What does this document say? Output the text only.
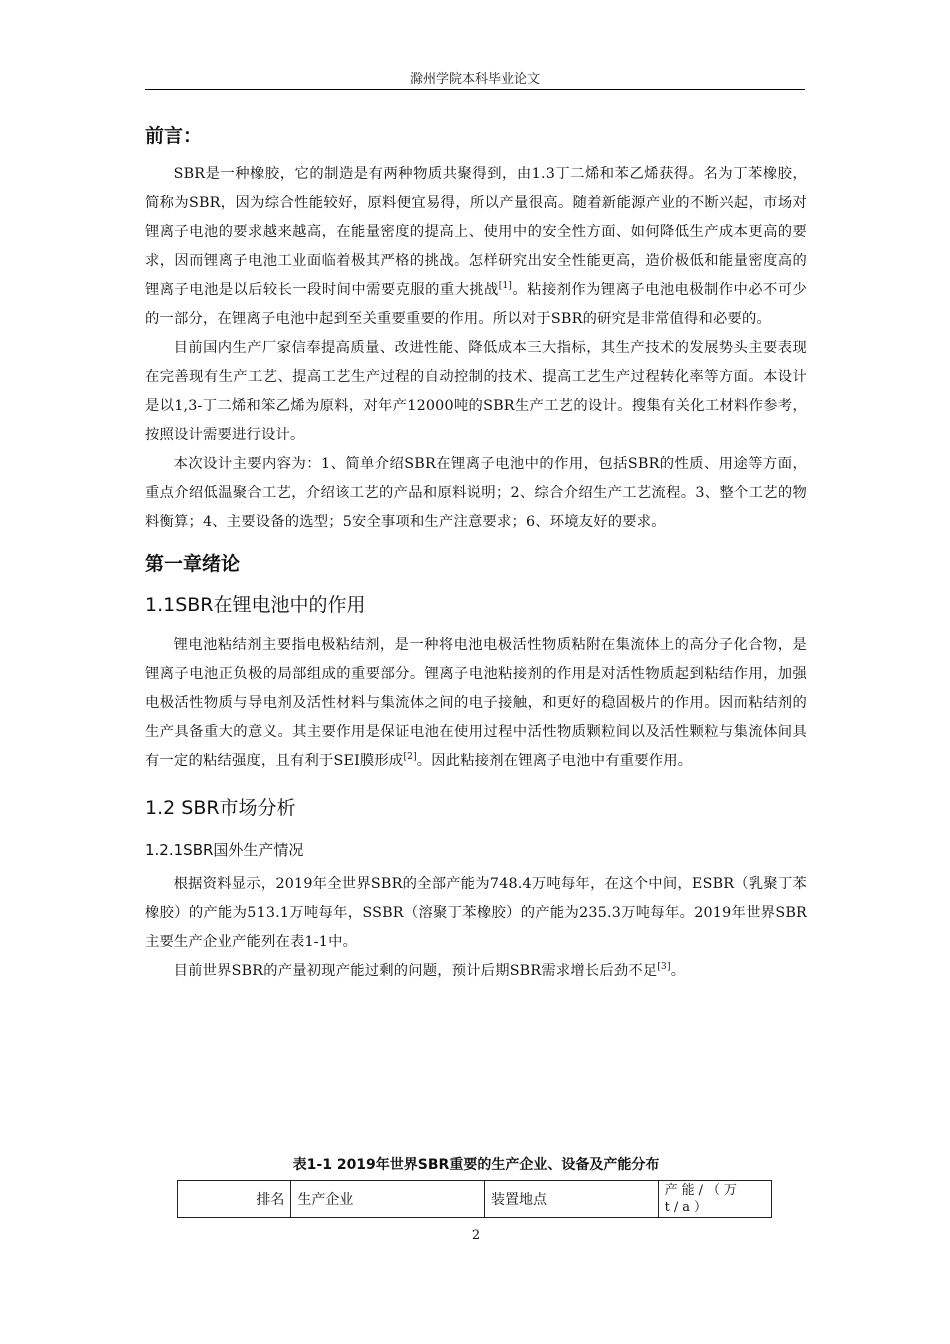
滁州学院本科毕业论文
前言：

SBR是一种橡胶，它的制造是有两种物质共聚得到，由1.3丁二烯和苯乙烯获得。名为丁苯橡胶，简称为SBR，因为综合性能较好，原料便宜易得，所以产量很高。随着新能源产业的不断兴起，市场对锂离子电池的要求越来越高，在能量密度的提高上、使用中的安全性方面、如何降低生产成本更高的要求，因而锂离子电池工业面临着极其严格的挑战。怎样研究出安全性能更高，造价极低和能量密度高的锂离子电池是以后较长一段时间中需要克服的重大挑战[1]。粘接剂作为锂离子电池电极制作中必不可少的一部分，在锂离子电池中起到至关重要重要的作用。所以对于SBR的研究是非常值得和必要的。

目前国内生产厂家信奉提高质量、改进性能、降低成本三大指标，其生产技术的发展势头主要表现在完善现有生产工艺、提高工艺生产过程的自动控制的技术、提高工艺生产过程转化率等方面。本设计是以1,3-丁二烯和笨乙烯为原料，对年产12000吨的SBR生产工艺的设计。搜集有关化工材料作参考，按照设计需要进行设计。

本次设计主要内容为：1、简单介绍SBR在锂离子电池中的作用，包括SBR的性质、用途等方面，重点介绍低温聚合工艺，介绍该工艺的产品和原料说明；2、综合介绍生产工艺流程。3、整个工艺的物料衡算；4、主要设备的选型；5安全事项和生产注意要求；6、环境友好的要求。

第一章绪论
1.1SBR在锂电池中的作用

锂电池粘结剂主要指电极粘结剂，是一种将电池电极活性物质粘附在集流体上的高分子化合物，是锂离子电池正负极的局部组成的重要部分。锂离子电池粘接剂的作用是对活性物质起到粘结作用，加强电极活性物质与导电剂及活性材料与集流体之间的电子接触，和更好的稳固极片的作用。因而粘结剂的生产具备重大的意义。其主要作用是保证电池在使用过程中活性物质颗粒间以及活性颗粒与集流体间具有一定的粘结强度，且有利于SEI膜形成[2]。因此粘接剂在锂离子电池中有重要作用。

1.2 SBR市场分析
1.2.1SBR国外生产情况

根据资料显示，2019年全世界SBR的全部产能为748.4万吨每年，在这个中间，ESBR（乳聚丁苯橡胶）的产能为513.1万吨每年，SSBR（溶聚丁苯橡胶）的产能为235.3万吨每年。2019年世界SBR主要生产企业产能列在表1-1中。

目前世界SBR的产量初现产能过剩的问题，预计后期SBR需求增长后劲不足[3]。

表1-1 2019年世界SBR重要的生产企业、设备及产能分布
排名	生产企业	装置地点	产能/（万t/a）
2
